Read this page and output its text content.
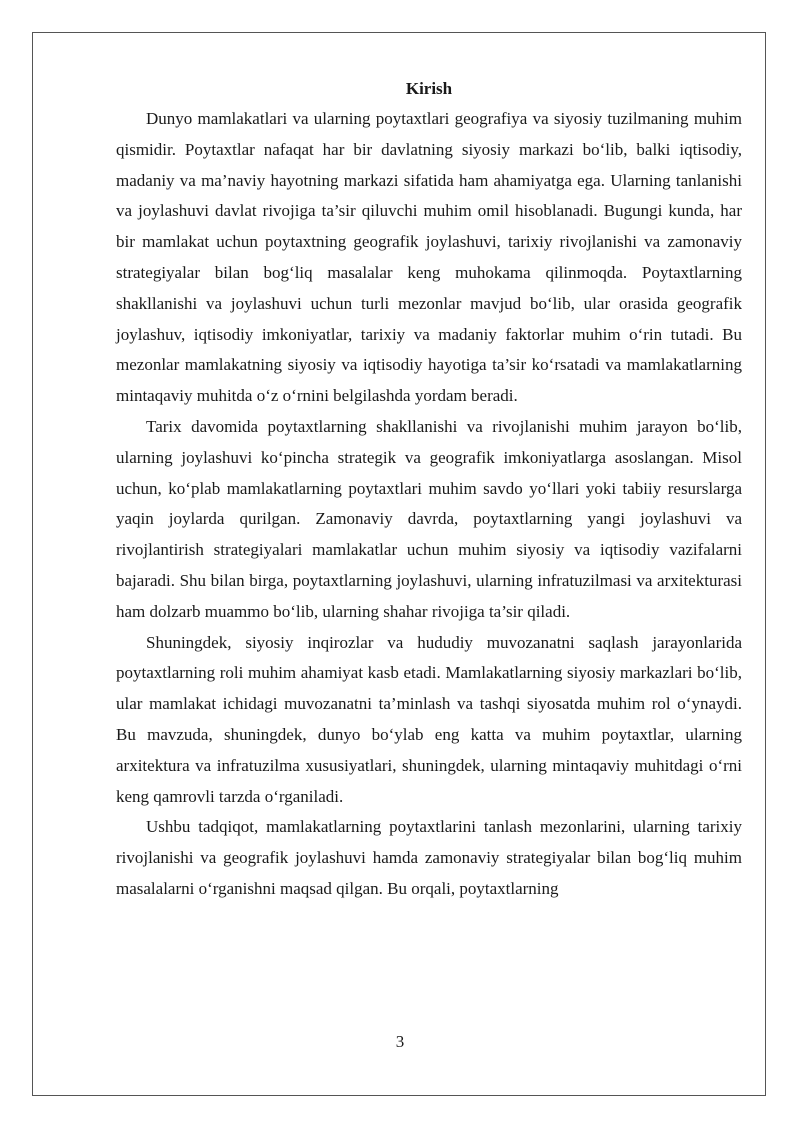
Kirish

Dunyo mamlakatlari va ularning poytaxtlari geografiya va siyosiy tuzilmaning muhim qismidir. Poytaxtlar nafaqat har bir davlatning siyosiy markazi bo‘lib, balki iqtisodiy, madaniy va ma’naviy hayotning markazi sifatida ham ahamiyatga ega. Ularning tanlanishi va joylashuvi davlat rivojiga ta’sir qiluvchi muhim omil hisoblanadi. Bugungi kunda, har bir mamlakat uchun poytaxtning geografik joylashuvi, tarixiy rivojlanishi va zamonaviy strategiyalar bilan bog‘liq masalalar keng muhokama qilinmoqda. Poytaxtlarning shakllanishi va joylashuvi uchun turli mezonlar mavjud bo‘lib, ular orasida geografik joylashuv, iqtisodiy imkoniyatlar, tarixiy va madaniy faktorlar muhim o‘rin tutadi. Bu mezonlar mamlakatning siyosiy va iqtisodiy hayotiga ta’sir ko‘rsatadi va mamlakatlarning mintaqaviy muhitda o‘z o‘rnini belgilashda yordam beradi.

Tarix davomida poytaxtlarning shakllanishi va rivojlanishi muhim jarayon bo‘lib, ularning joylashuvi ko‘pincha strategik va geografik imkoniyatlarga asoslangan. Misol uchun, ko‘plab mamlakatlarning poytaxtlari muhim savdo yo‘llari yoki tabiiy resurslarga yaqin joylarda qurilgan. Zamonaviy davrda, poytaxtlarning yangi joylashuvi va rivojlantirish strategiyalari mamlakatlar uchun muhim siyosiy va iqtisodiy vazifalarni bajaradi. Shu bilan birga, poytaxtlarning joylashuvi, ularning infratuzilmasi va arxitekturasi ham dolzarb muammo bo‘lib, ularning shahar rivojiga ta’sir qiladi.

Shuningdek, siyosiy inqirozlar va hududiy muvozanatni saqlash jarayonlarida poytaxtlarning roli muhim ahamiyat kasb etadi. Mamlakatlarning siyosiy markazlari bo‘lib, ular mamlakat ichidagi muvozanatni ta’minlash va tashqi siyosatda muhim rol o‘ynaydi. Bu mavzuda, shuningdek, dunyo bo‘ylab eng katta va muhim poytaxtlar, ularning arxitektura va infratuzilma xususiyatlari, shuningdek, ularning mintaqaviy muhitdagi o‘rni keng qamrovli tarzda o‘rganiladi.

Ushbu tadqiqot, mamlakatlarning poytaxtlarini tanlash mezonlarini, ularning tarixiy rivojlanishi va geografik joylashuvi hamda zamonaviy strategiyalar bilan bog‘liq muhim masalalarni o‘rganishni maqsad qilgan. Bu orqali, poytaxtlarning

3
